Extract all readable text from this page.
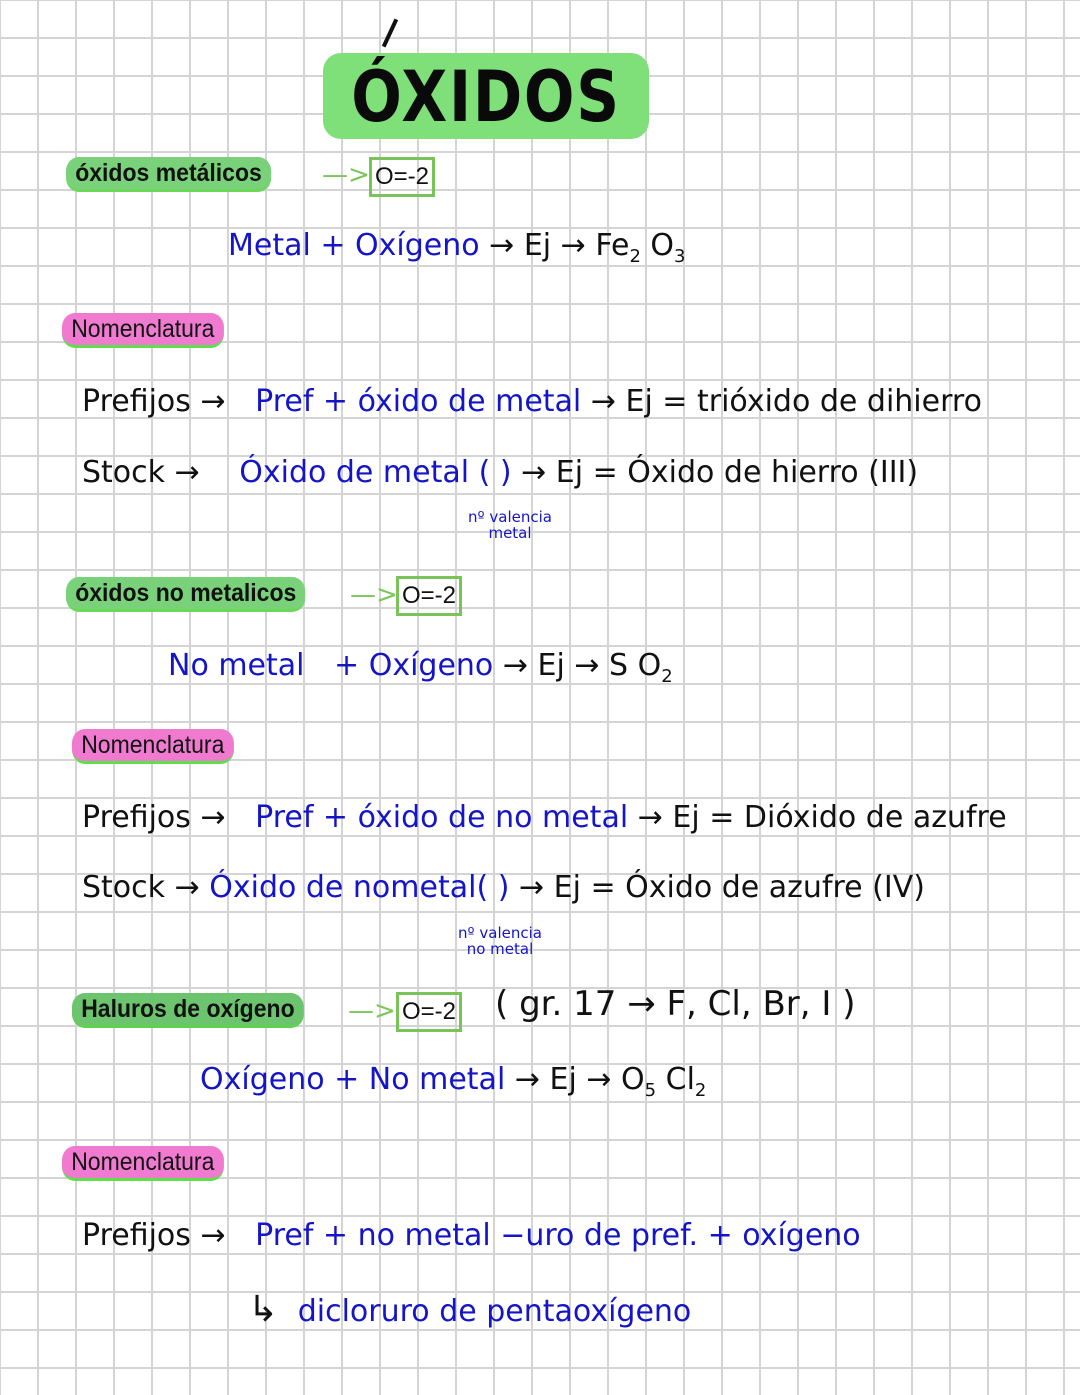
ÓXIDOS
óxidos metálicos	—> O=-2
Metal + Oxígeno → $Ej \to Fe_2$ $O_3$
Nomenclatura
Prefijos → Pref + óxido de metal → Ej = trióxido de dihierro
Stock → Óxido de metal ( ) → Ej = Óxido de hierro (III)
nº valencia
metal
óxidos no metalicos	—> O=-2
No metal + Oxígeno → Ej → S $O_2$
Nomenclatura
Prefijos → Pref + óxido de no metal → Ej = Dióxido de azufre
Stock → Óxido de nometal( ) → Ej = Óxido de azufre (IV)
nº valencia
no metal
Haluros de oxígeno	—> O=-2 ( gr. 17 → F, Cl, Br, I )
Oxígeno + No metal → $Ej \to O_5$ $Cl_2$
Nomenclatura
Prefijos → Pref + no metal −uro de pref. + oxígeno
↳ dicloruro de pentaoxígeno
